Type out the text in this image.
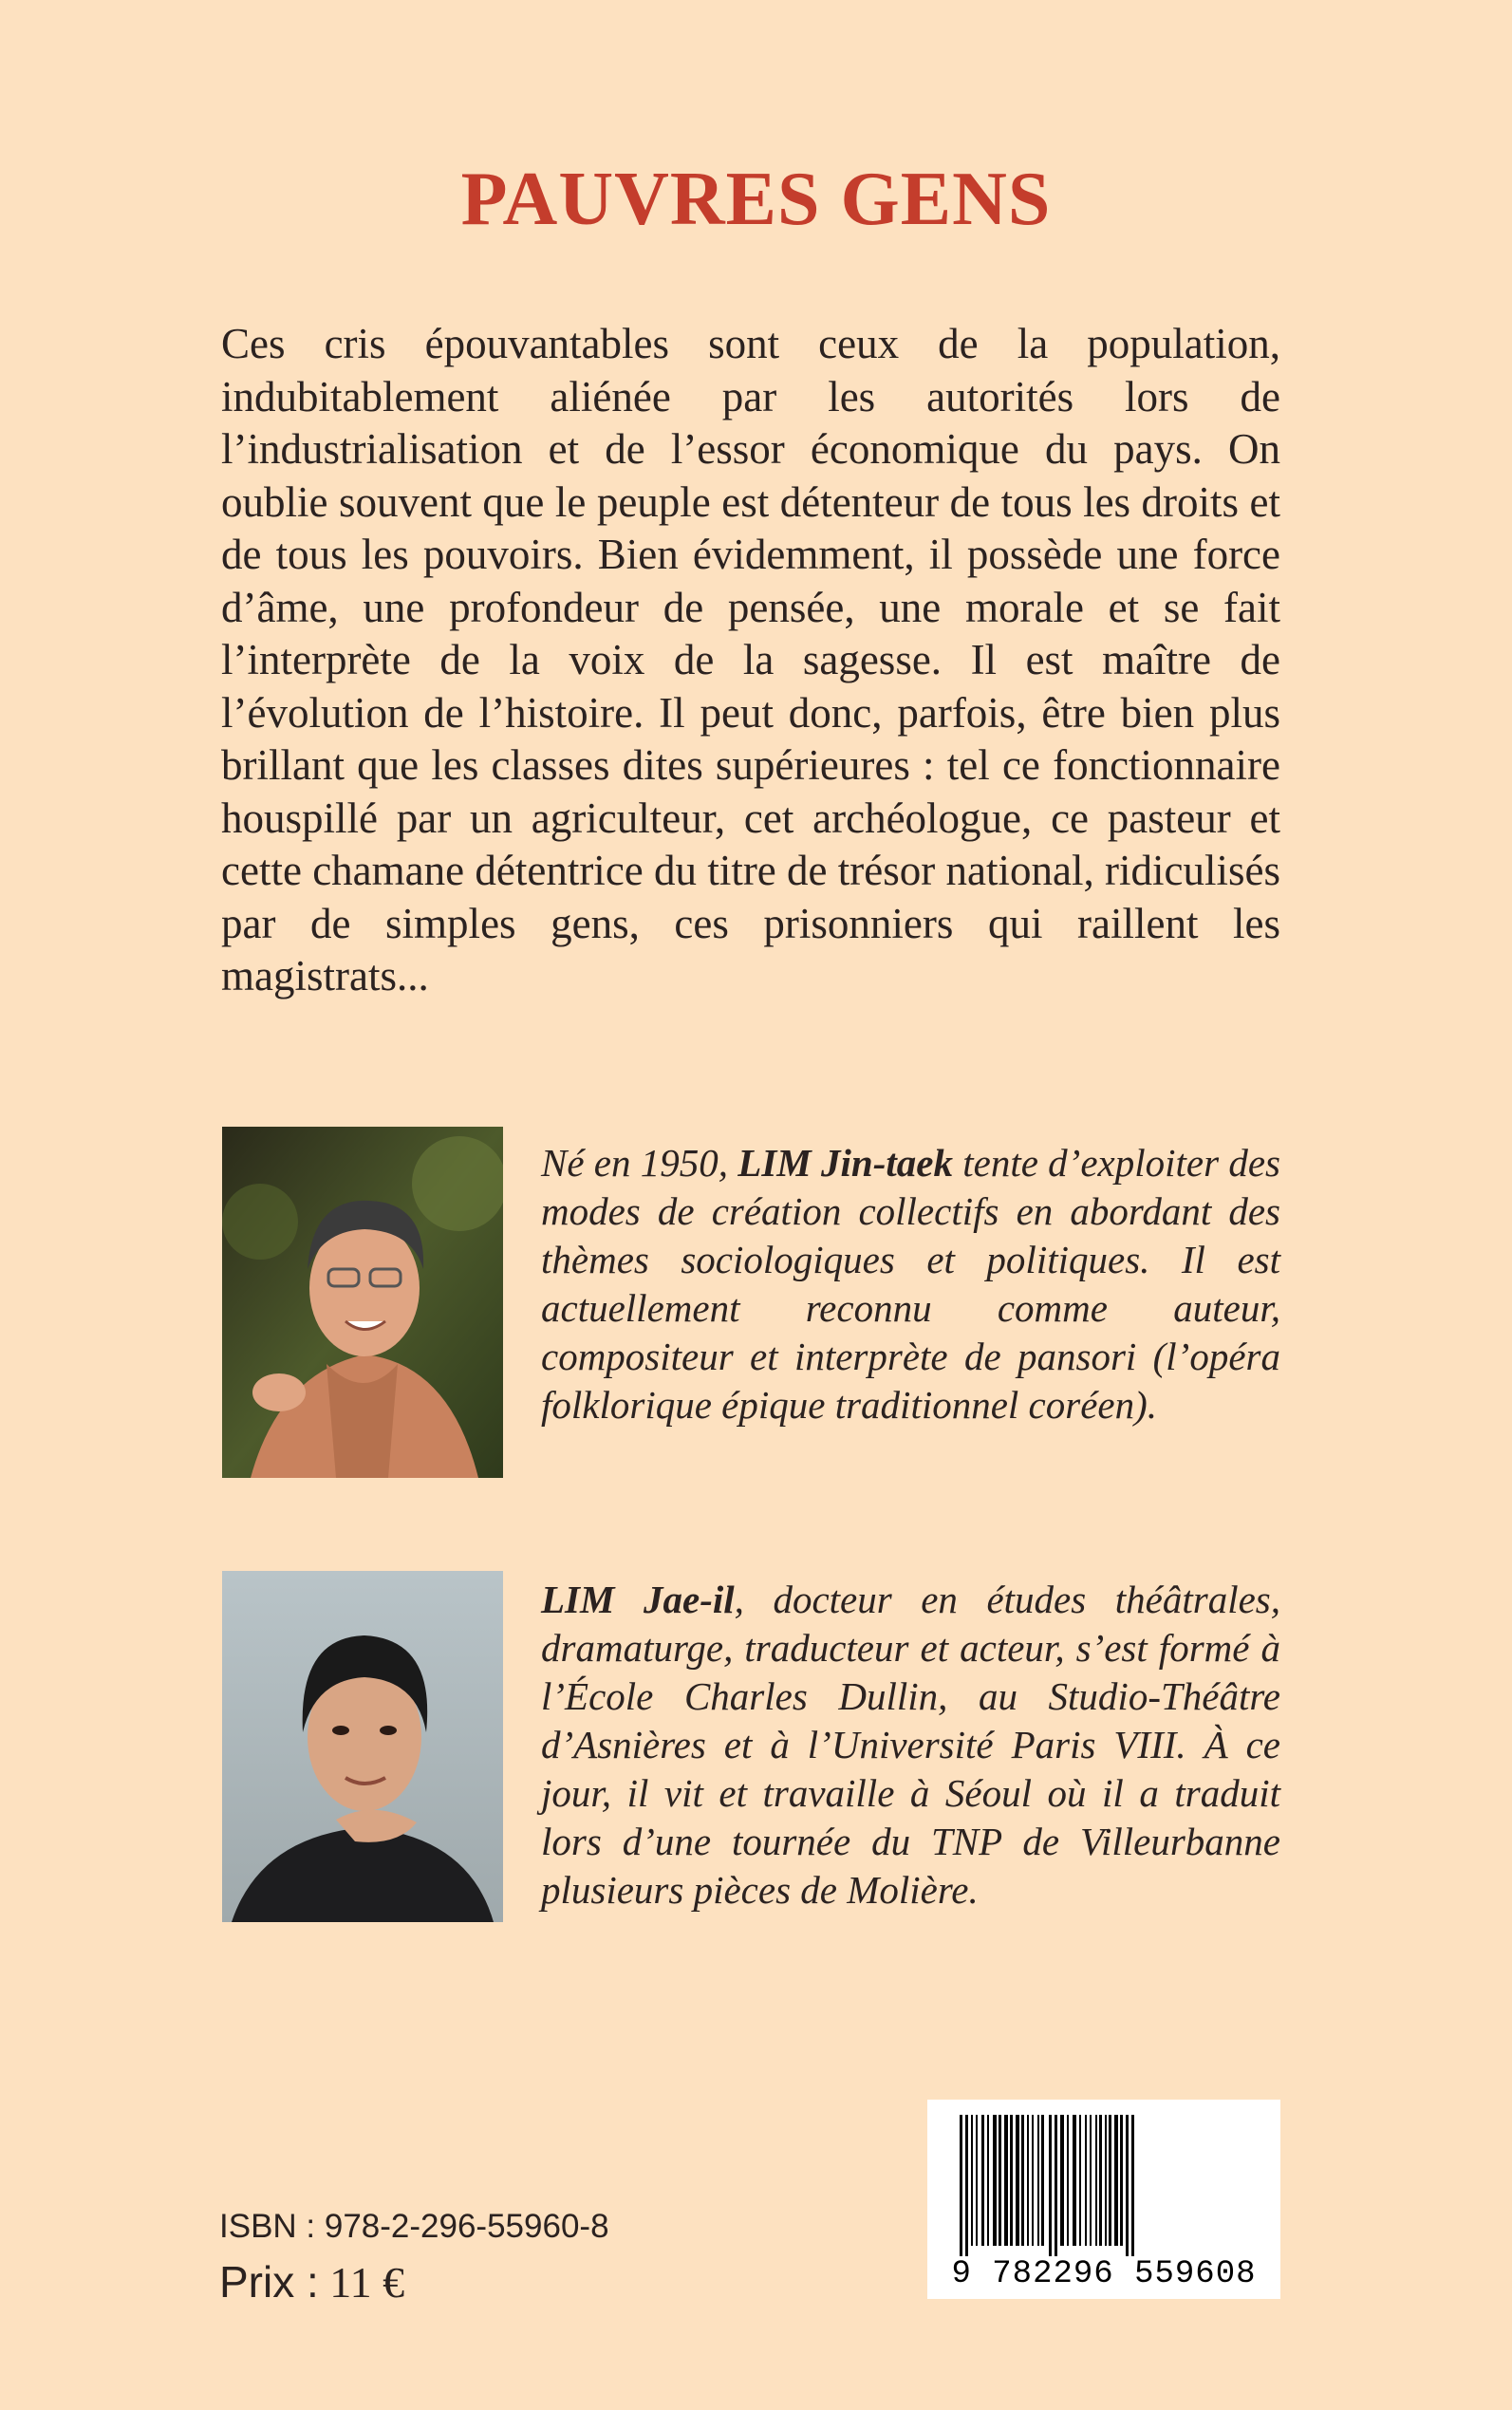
PAUVRES GENS

Ces cris épouvantables sont ceux de la population, indubitablement aliénée par les autorités lors de l’industrialisation et de l’essor économique du pays. On oublie souvent que le peuple est détenteur de tous les droits et de tous les pouvoirs. Bien évidemment, il possède une force d’âme, une profondeur de pensée, une morale et se fait l’interprète de la voix de la sagesse. Il est maître de l’évolution de l’histoire. Il peut donc, parfois, être bien plus brillant que les classes dites supérieures : tel ce fonctionnaire houspillé par un agriculteur, cet archéologue, ce pasteur et cette chamane détentrice du titre de trésor national, ridiculisés par de simples gens, ces prisonniers qui raillent les magistrats...

Né en 1950, LIM Jin-taek tente d’exploiter des modes de création collectifs en abordant des thèmes sociologiques et politiques. Il est actuellement reconnu comme auteur, compositeur et interprète de pansori (l’opéra folklorique épique traditionnel coréen).
LIM Jae-il, docteur en études théâtrales, dramaturge, traducteur et acteur, s’est formé à l’École Charles Dullin, au Studio-Théâtre d’Asnières et à l’Université Paris VIII. À ce jour, il vit et travaille à Séoul où il a traduit lors d’une tournée du TNP de Villeurbanne plusieurs pièces de Molière.
ISBN : 978-2-296-55960-8
Prix : 11 €	9 782296 559608
